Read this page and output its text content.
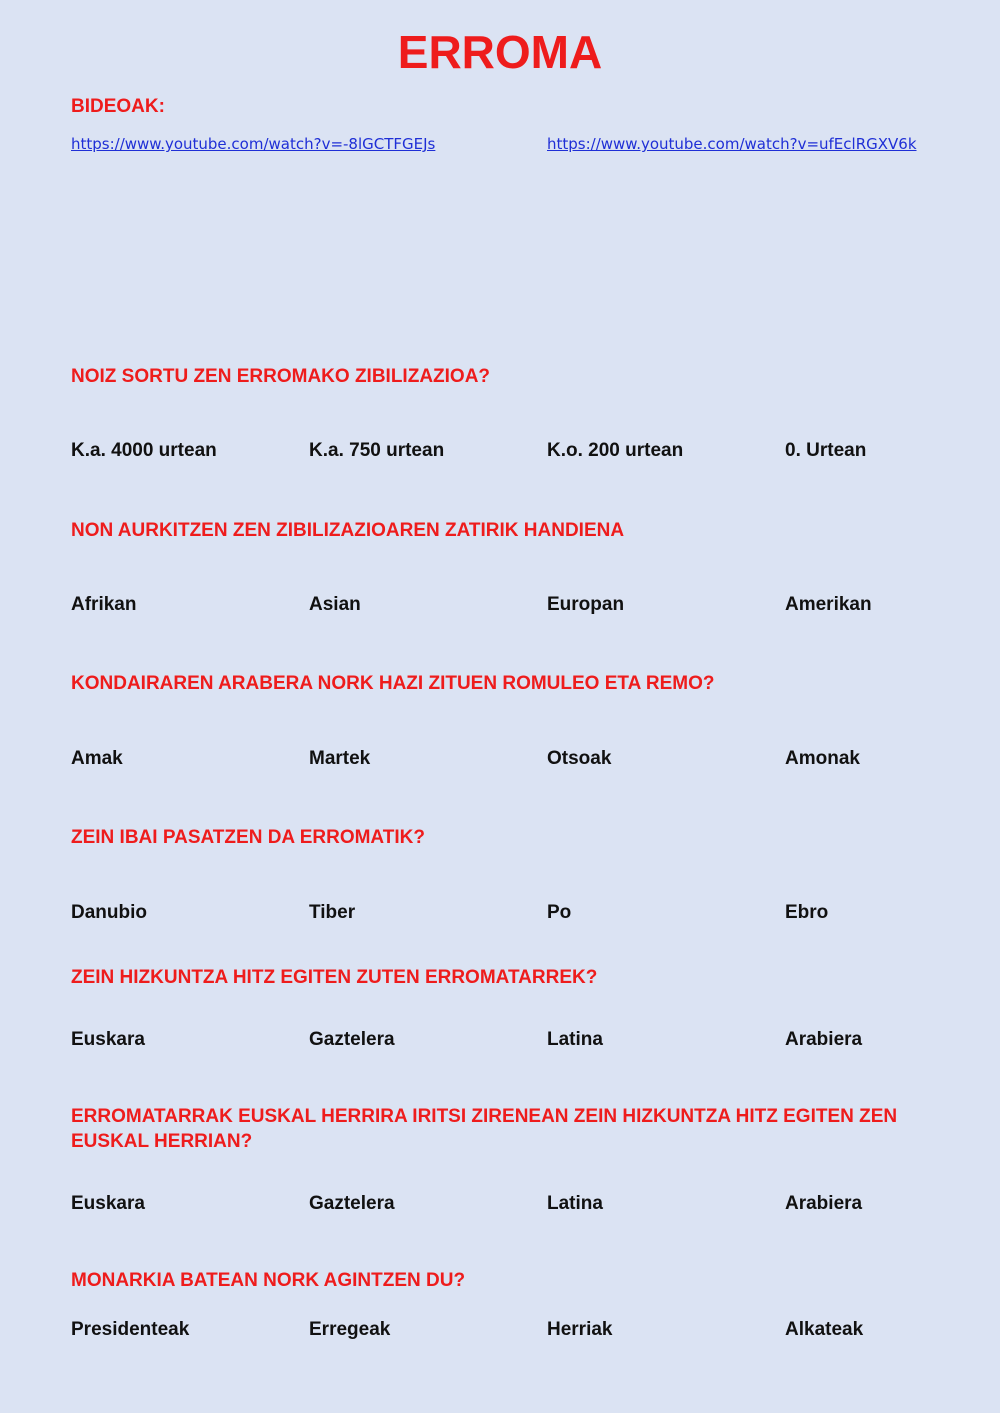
ERROMA

BIDEOAK:

https://www.youtube.com/watch?v=-8lGCTFGEJs	https://www.youtube.com/watch?v=ufEclRGXV6k

NOIZ SORTU ZEN ERROMAKO ZIBILIZAZIOA?

K.a. 4000 urtean	K.a. 750 urtean	K.o. 200 urtean	0. Urtean

NON AURKITZEN ZEN ZIBILIZAZIOAREN ZATIRIK HANDIENA

Afrikan	Asian	Europan	Amerikan

KONDAIRAREN ARABERA NORK HAZI ZITUEN ROMULEO ETA REMO?

Amak	Martek	Otsoak	Amonak

ZEIN IBAI PASATZEN DA ERROMATIK?

Danubio	Tiber	Po	Ebro

ZEIN HIZKUNTZA HITZ EGITEN ZUTEN ERROMATARREK?

Euskara	Gaztelera	Latina	Arabiera

ERROMATARRAK EUSKAL HERRIRA IRITSI ZIRENEAN ZEIN HIZKUNTZA HITZ EGITEN ZEN EUSKAL HERRIAN?

Euskara	Gaztelera	Latina	Arabiera

MONARKIA BATEAN NORK AGINTZEN DU?

Presidenteak	Erregeak	Herriak	Alkateak
